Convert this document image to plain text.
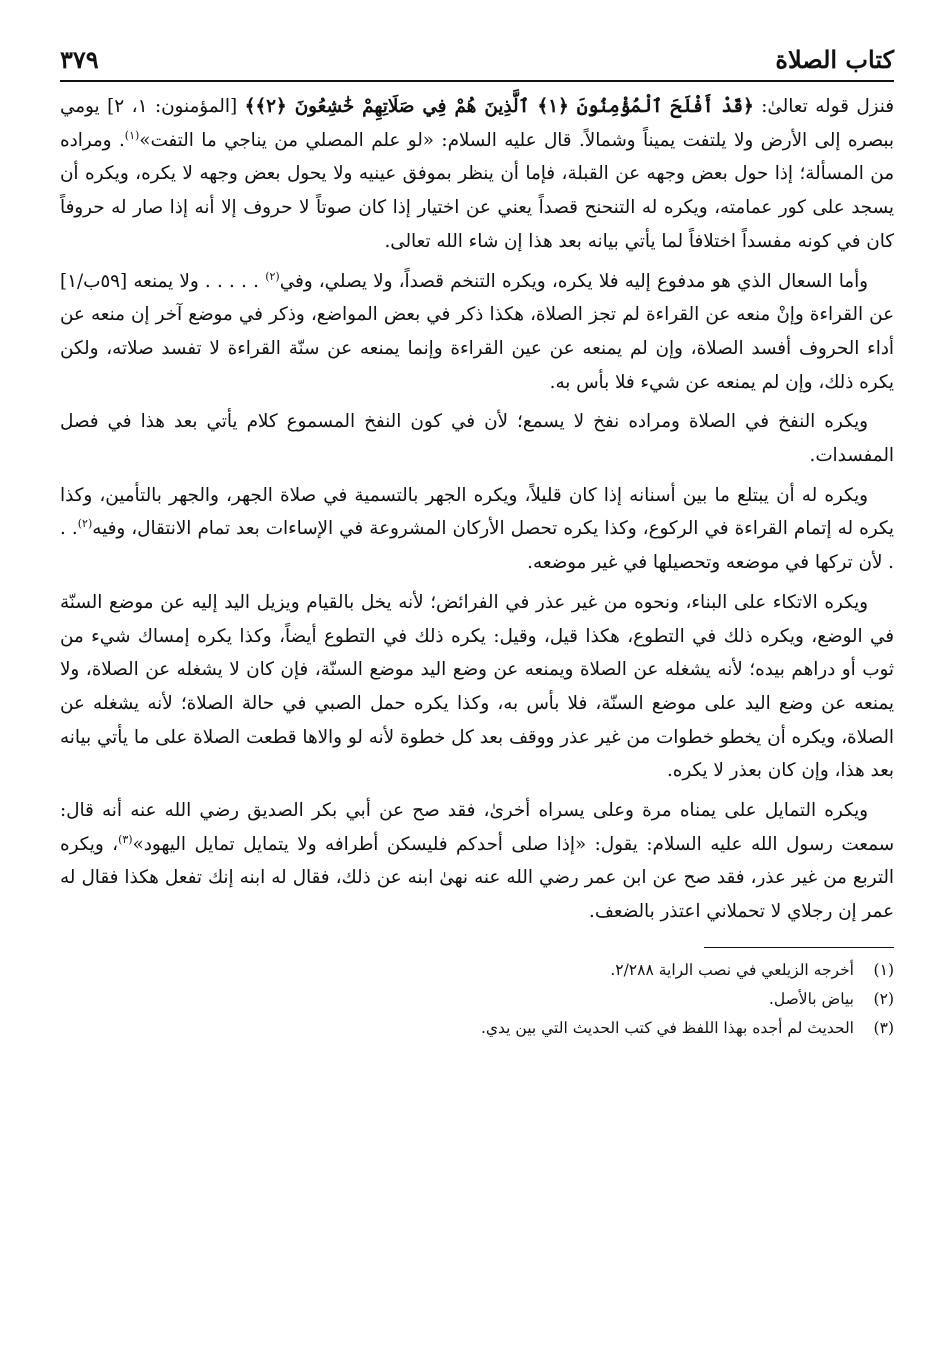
كتاب الصلاة
٣٧٩

فنزل قوله تعالىٰ: ﴿قَدْ أَفْلَحَ ٱلْمُؤْمِنُونَ ﴿١﴾ ٱلَّذِينَ هُمْ فِي صَلَاتِهِمْ خَٰشِعُونَ ﴿٢﴾﴾ [المؤمنون: ١، ٢] يومي ببصره إلى الأرض ولا يلتفت يميناً وشمالاً. قال عليه السلام: «لو علم المصلي من يناجي ما التفت»$^{(١)}$. ومراده من المسألة؛ إذا حول بعض وجهه عن القبلة، فإما أن ينظر بموفق عينيه ولا يحول بعض وجهه لا يكره، ويكره أن يسجد على كور عمامته، ويكره له التنحنح قصداً يعني عن اختيار إذا كان صوتاً لا حروف إلا أنه إذا صار له حروفاً كان في كونه مفسداً اختلافاً لما يأتي بيانه بعد هذا إن شاء الله تعالى.

وأما السعال الذي هو مدفوع إليه فلا يكره، ويكره التنخم قصداً، ولا يصلي، وفي$^{(٢)}$ . . . . . ولا يمنعه [٥٩ب/١] عن القراءة وإنْ منعه عن القراءة لم تجز الصلاة، هكذا ذكر في بعض المواضع، وذكر في موضع آخر إن منعه عن أداء الحروف أفسد الصلاة، وإن لم يمنعه عن عين القراءة وإنما يمنعه عن سنّة القراءة لا تفسد صلاته، ولكن يكره ذلك، وإن لم يمنعه عن شيء فلا بأس به.

ويكره النفخ في الصلاة ومراده نفخ لا يسمع؛ لأن في كون النفخ المسموع كلام يأتي بعد هذا في فصل المفسدات.

ويكره له أن يبتلع ما بين أسنانه إذا كان قليلاً، ويكره الجهر بالتسمية في صلاة الجهر، والجهر بالتأمين، وكذا يكره له إتمام القراءة في الركوع، وكذا يكره تحصل الأركان المشروعة في الإساءات بعد تمام الانتقال، وفيه$^{(٢)}$. . . لأن تركها في موضعه وتحصيلها في غير موضعه.

ويكره الاتكاء على البناء، ونحوه من غير عذر في الفرائض؛ لأنه يخل بالقيام ويزيل اليد إليه عن موضع السنّة في الوضع، ويكره ذلك في التطوع، هكذا قيل، وقيل: يكره ذلك في التطوع أيضاً، وكذا يكره إمساك شيء من ثوب أو دراهم بيده؛ لأنه يشغله عن الصلاة ويمنعه عن وضع اليد موضع السنّة، فإن كان لا يشغله عن الصلاة، ولا يمنعه عن وضع اليد على موضع السنّة، فلا بأس به، وكذا يكره حمل الصبي في حالة الصلاة؛ لأنه يشغله عن الصلاة، ويكره أن يخطو خطوات من غير عذر ووقف بعد كل خطوة لأنه لو والاها قطعت الصلاة على ما يأتي بيانه بعد هذا، وإن كان بعذر لا يكره.

ويكره التمايل على يمناه مرة وعلى يسراه أخرىٰ، فقد صح عن أبي بكر الصديق رضي الله عنه أنه قال: سمعت رسول الله عليه السلام: يقول: «إذا صلى أحدكم فليسكن أطرافه ولا يتمايل تمايل اليهود»$^{(٣)}$، ويكره التربع من غير عذر، فقد صح عن ابن عمر رضي الله عنه نهىٰ ابنه عن ذلك، فقال له ابنه إنك تفعل هكذا فقال له عمر إن رجلاي لا تحملاني اعتذر بالضعف.

(١)
أخرجه الزيلعي في نصب الراية ٢/٢٨٨.
(٢)
بياض بالأصل.
(٣)
الحديث لم أجده بهذا اللفظ في كتب الحديث التي بين يدي.
